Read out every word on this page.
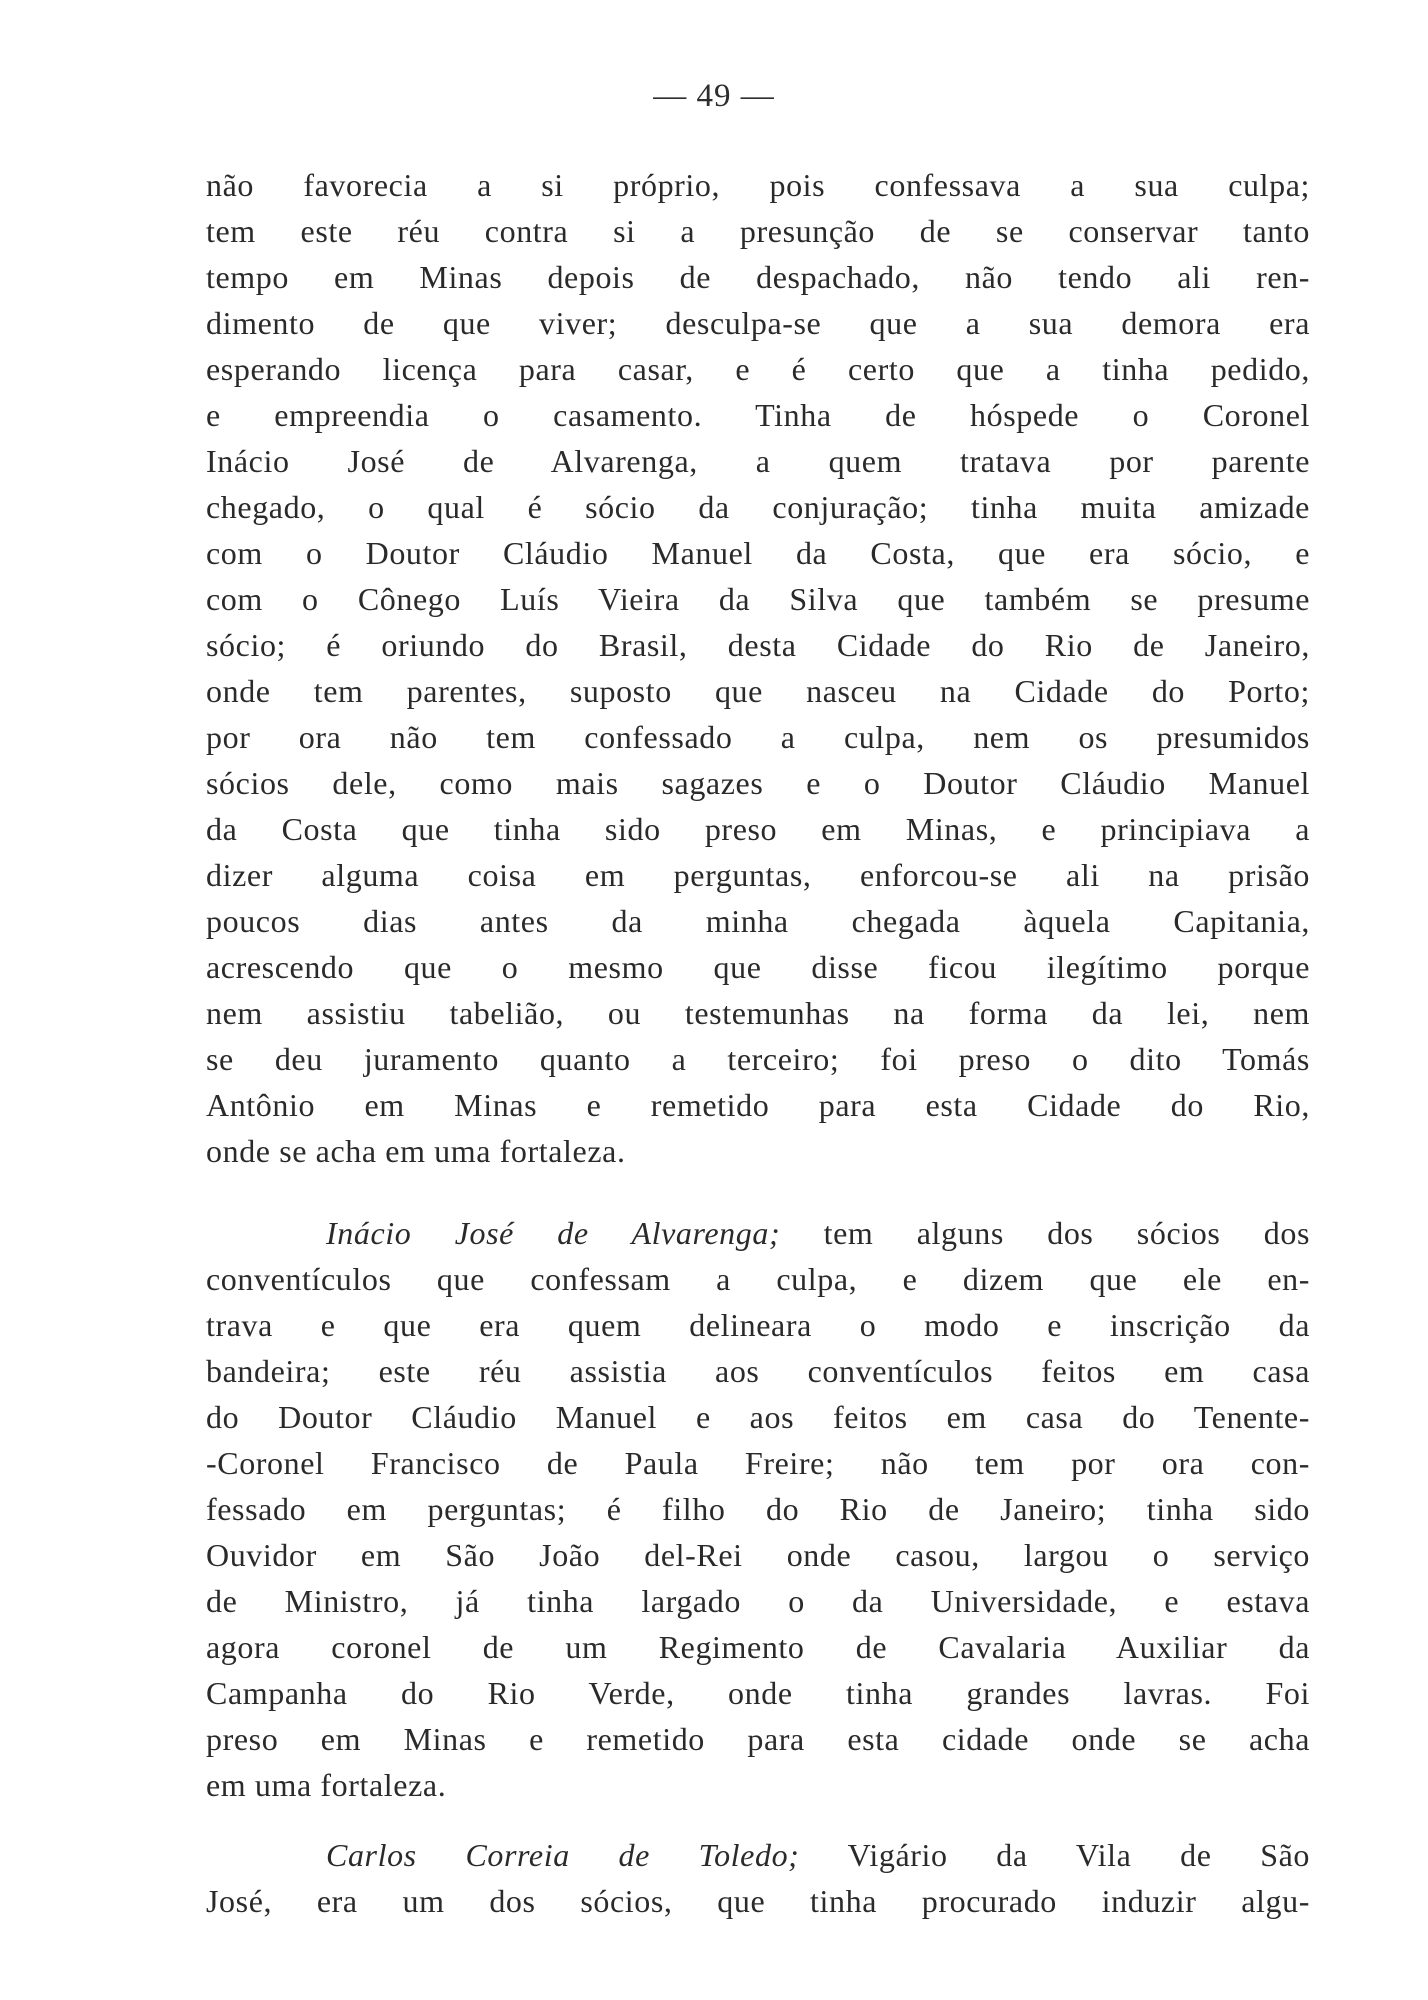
— 49 —
não favorecia a si próprio, pois confessava a sua culpa;
tem este réu contra si a presunção de se conservar tanto
tempo em Minas depois de despachado, não tendo ali ren-
dimento de que viver; desculpa-se que a sua demora era
esperando licença para casar, e é certo que a tinha pedido,
e empreendia o casamento. Tinha de hóspede o Coronel
Inácio José de Alvarenga, a quem tratava por parente
chegado, o qual é sócio da conjuração; tinha muita amizade
com o Doutor Cláudio Manuel da Costa, que era sócio, e
com o Cônego Luís Vieira da Silva que também se presume
sócio; é oriundo do Brasil, desta Cidade do Rio de Janeiro,
onde tem parentes, suposto que nasceu na Cidade do Porto;
por ora não tem confessado a culpa, nem os presumidos
sócios dele, como mais sagazes e o Doutor Cláudio Manuel
da Costa que tinha sido preso em Minas, e principiava a
dizer alguma coisa em perguntas, enforcou-se ali na prisão
poucos dias antes da minha chegada àquela Capitania,
acrescendo que o mesmo que disse ficou ilegítimo porque
nem assistiu tabelião, ou testemunhas na forma da lei, nem
se deu juramento quanto a terceiro; foi preso o dito Tomás
Antônio em Minas e remetido para esta Cidade do Rio,
onde se acha em uma fortaleza.
Inácio José de Alvarenga; tem alguns dos sócios dos
conventículos que confessam a culpa, e dizem que ele en-
trava e que era quem delineara o modo e inscrição da
bandeira; este réu assistia aos conventículos feitos em casa
do Doutor Cláudio Manuel e aos feitos em casa do Tenente-
-Coronel Francisco de Paula Freire; não tem por ora con-
fessado em perguntas; é filho do Rio de Janeiro; tinha sido
Ouvidor em São João del-Rei onde casou, largou o serviço
de Ministro, já tinha largado o da Universidade, e estava
agora coronel de um Regimento de Cavalaria Auxiliar da
Campanha do Rio Verde, onde tinha grandes lavras. Foi
preso em Minas e remetido para esta cidade onde se acha
em uma fortaleza.
Carlos Correia de Toledo; Vigário da Vila de São
José, era um dos sócios, que tinha procurado induzir algu-
